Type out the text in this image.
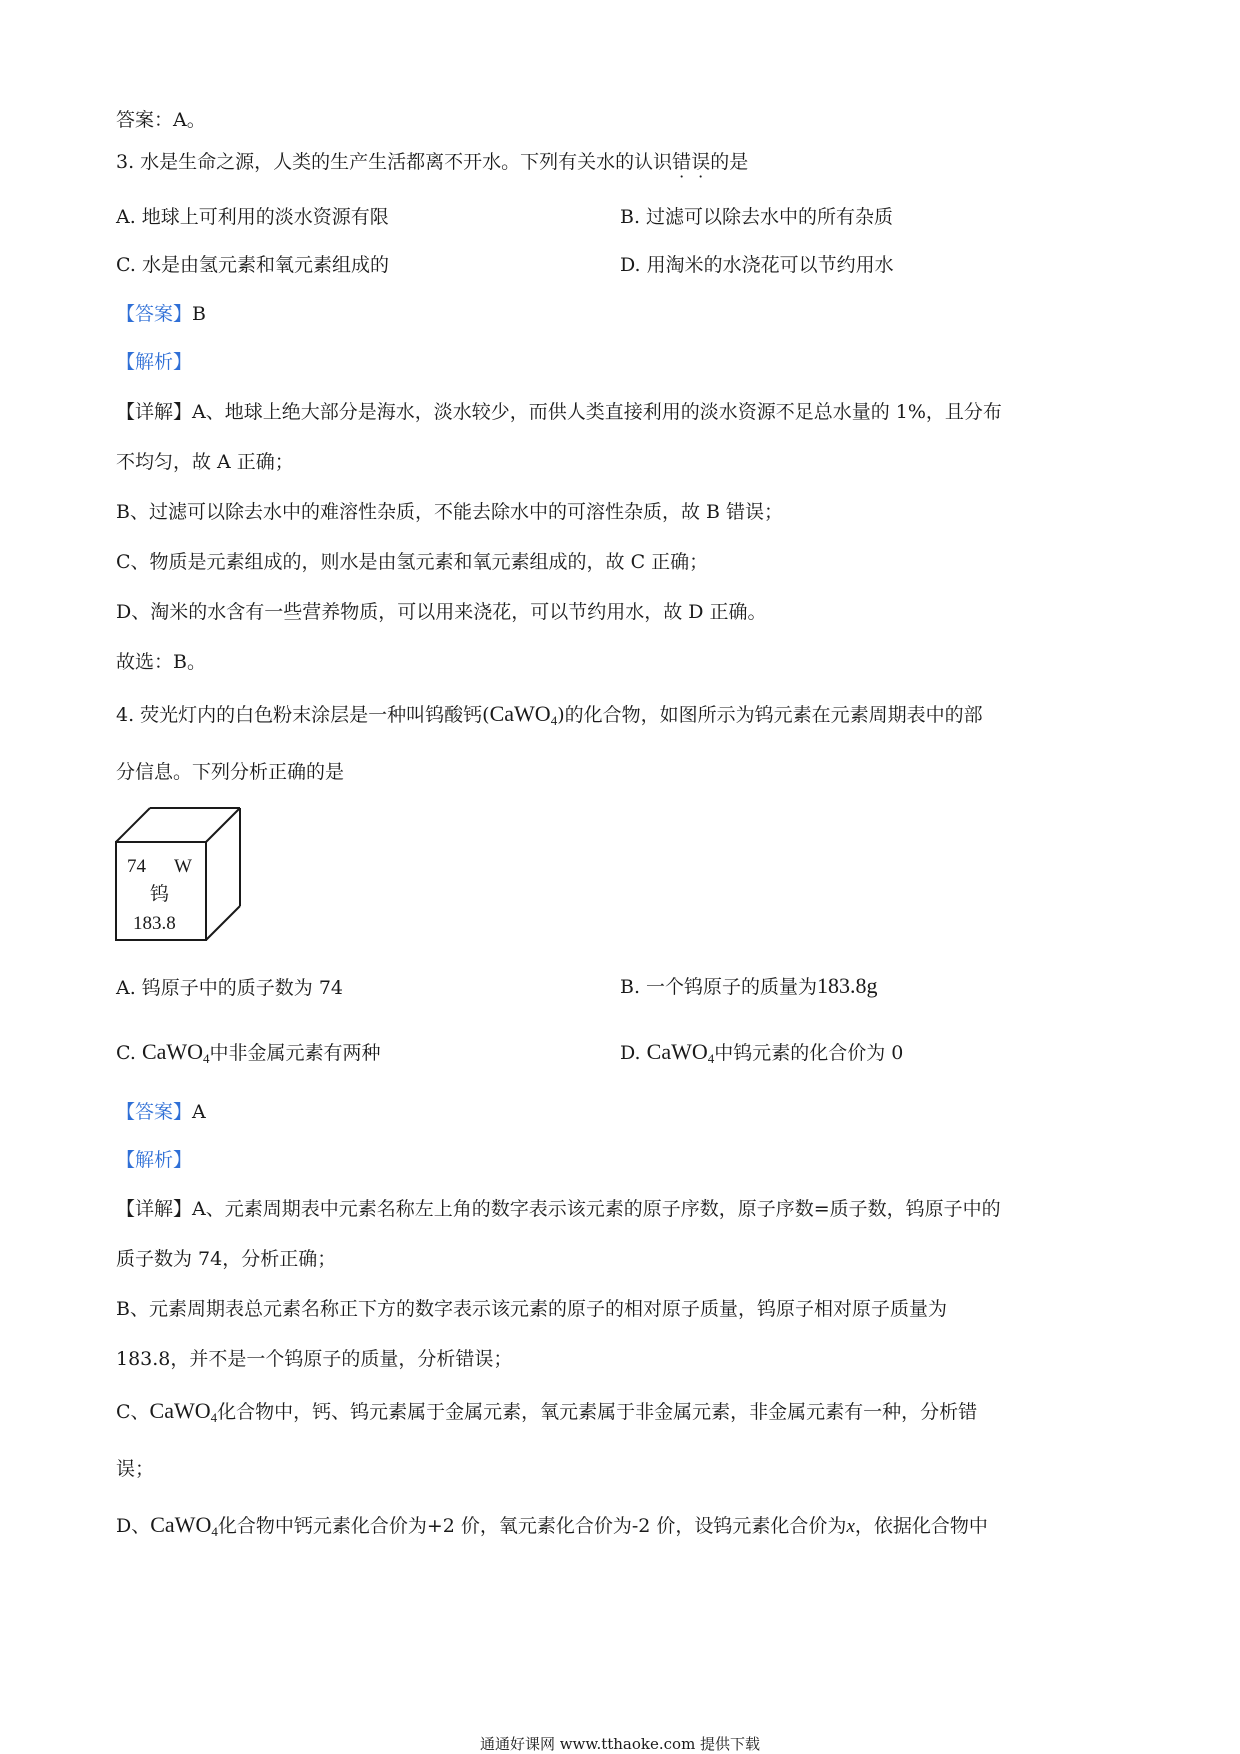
答案：A。
3. 水是生命之源，人类的生产生活都离不开水。下列有关水的认识错误的是
A. 地球上可利用的淡水资源有限	B. 过滤可以除去水中的所有杂质
C. 水是由氢元素和氧元素组成的	D. 用淘米的水浇花可以节约用水
【答案】B
【解析】
【详解】A、地球上绝大部分是海水，淡水较少，而供人类直接利用的淡水资源不足总水量的 1%，且分布
不均匀，故 A 正确；
B、过滤可以除去水中的难溶性杂质，不能去除水中的可溶性杂质，故 B 错误；
C、物质是元素组成的，则水是由氢元素和氧元素组成的，故 C 正确；
D、淘米的水含有一些营养物质，可以用来浇花，可以节约用水，故 D 正确。
故选：B。
4. 荧光灯内的白色粉末涂层是一种叫钨酸钙(CaWO$_4$)的化合物，如图所示为钨元素在元素周期表中的部
分信息。下列分析正确的是
74 W
钨
183.8
A. 钨原子中的质子数为 74	B. 一个钨原子的质量为183.8g
C. CaWO$_4$中非金属元素有两种	D. CaWO$_4$中钨元素的化合价为 0
【答案】A
【解析】
【详解】A、元素周期表中元素名称左上角的数字表示该元素的原子序数，原子序数=质子数，钨原子中的
质子数为 74，分析正确；
B、元素周期表总元素名称正下方的数字表示该元素的原子的相对原子质量，钨原子相对原子质量为
183.8，并不是一个钨原子的质量，分析错误；
C、CaWO$_4$化合物中，钙、钨元素属于金属元素，氧元素属于非金属元素，非金属元素有一种，分析错
误；
D、CaWO$_4$化合物中钙元素化合价为+2 价，氧元素化合价为-2 价，设钨元素化合价为x，依据化合物中
通通好课网 www.tthaoke.com 提供下载
